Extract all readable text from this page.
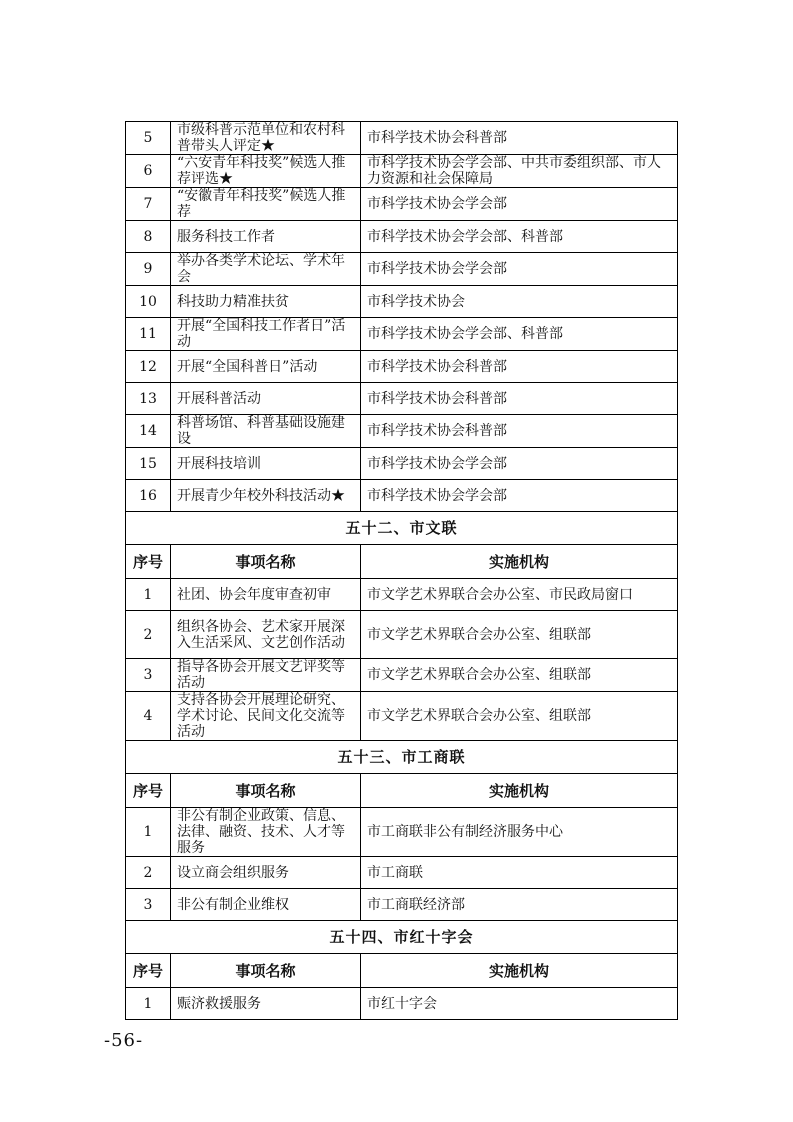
5	市级科普示范单位和农村科普带头人评定★	市科学技术协会科普部
6	“六安青年科技奖”候选人推荐评选★	市科学技术协会学会部、中共市委组织部、市人力资源和社会保障局
7	“安徽青年科技奖”候选人推荐	市科学技术协会学会部
8	服务科技工作者	市科学技术协会学会部、科普部
9	举办各类学术论坛、学术年会	市科学技术协会学会部
10	科技助力精准扶贫	市科学技术协会
11	开展“全国科技工作者日”活动	市科学技术协会学会部、科普部
12	开展“全国科普日”活动	市科学技术协会科普部
13	开展科普活动	市科学技术协会科普部
14	科普场馆、科普基础设施建设	市科学技术协会科普部
15	开展科技培训	市科学技术协会学会部
16	开展青少年校外科技活动★	市科学技术协会学会部
五十二、市文联		
序号	事项名称	实施机构
1	社团、协会年度审查初审	市文学艺术界联合会办公室、市民政局窗口
2	组织各协会、艺术家开展深入生活采风、文艺创作活动	市文学艺术界联合会办公室、组联部
3	指导各协会开展文艺评奖等活动	市文学艺术界联合会办公室、组联部
4	支持各协会开展理论研究、学术讨论、民间文化交流等活动	市文学艺术界联合会办公室、组联部
五十三、市工商联		
序号	事项名称	实施机构
1	非公有制企业政策、信息、法律、融资、技术、人才等服务	市工商联非公有制经济服务中心
2	设立商会组织服务	市工商联
3	非公有制企业维权	市工商联经济部
五十四、市红十字会		
序号	事项名称	实施机构
1	赈济救援服务	市红十字会
-56-
